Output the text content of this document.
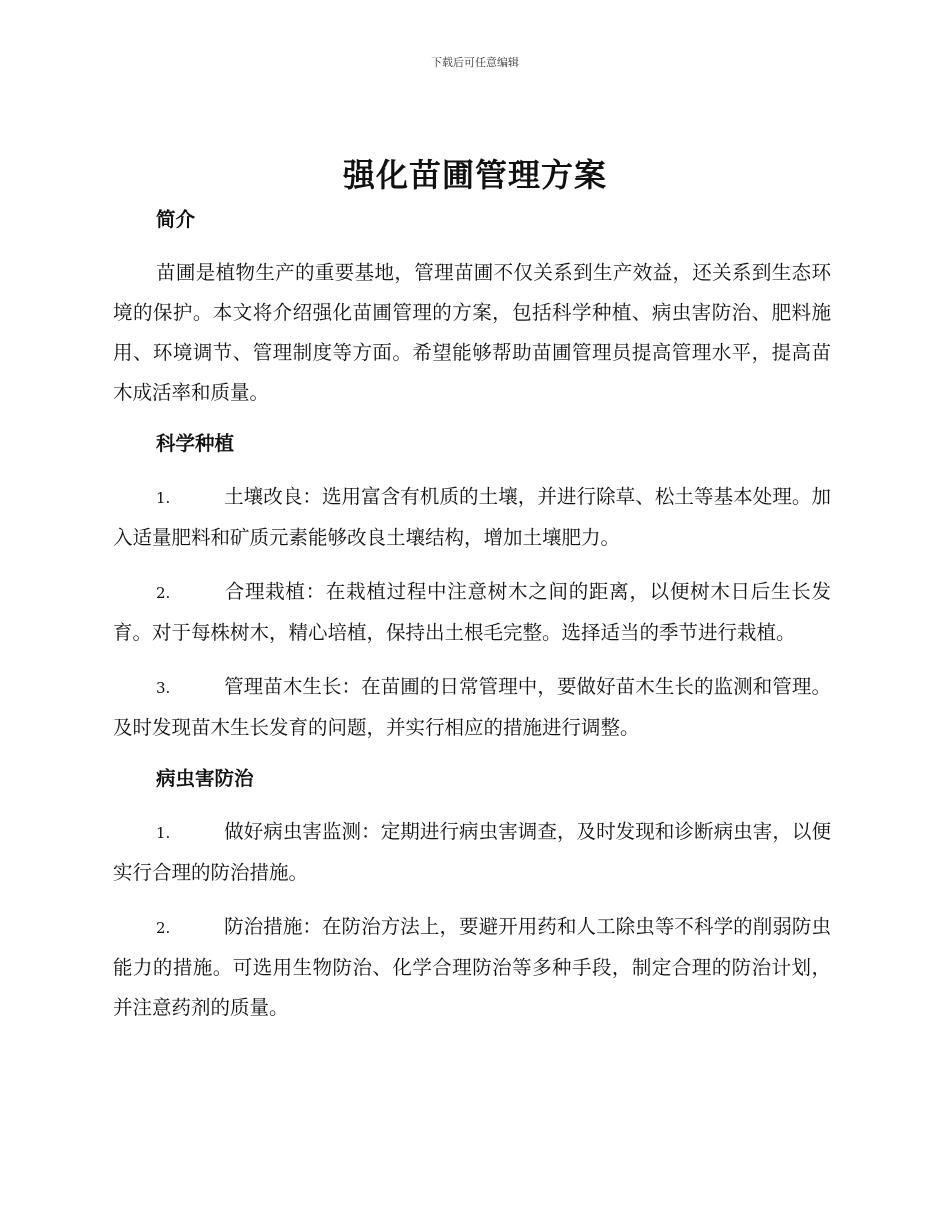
下载后可任意编辑
强化苗圃管理方案
简介

苗圃是植物生产的重要基地，管理苗圃不仅关系到生产效益，还关系到生态环境的保护。本文将介绍强化苗圃管理的方案，包括科学种植、病虫害防治、肥料施用、环境调节、管理制度等方面。希望能够帮助苗圃管理员提高管理水平，提高苗木成活率和质量。

科学种植

1.	土壤改良：选用富含有机质的土壤，并进行除草、松土等基本处理。加入适量肥料和矿质元素能够改良土壤结构，增加土壤肥力。

2.	合理栽植：在栽植过程中注意树木之间的距离，以便树木日后生长发育。对于每株树木，精心培植，保持出土根毛完整。选择适当的季节进行栽植。

3.	管理苗木生长：在苗圃的日常管理中，要做好苗木生长的监测和管理。及时发现苗木生长发育的问题，并实行相应的措施进行调整。

病虫害防治

1.	做好病虫害监测：定期进行病虫害调查，及时发现和诊断病虫害，以便实行合理的防治措施。

2.	防治措施：在防治方法上，要避开用药和人工除虫等不科学的削弱防虫能力的措施。可选用生物防治、化学合理防治等多种手段，制定合理的防治计划，并注意药剂的质量。
